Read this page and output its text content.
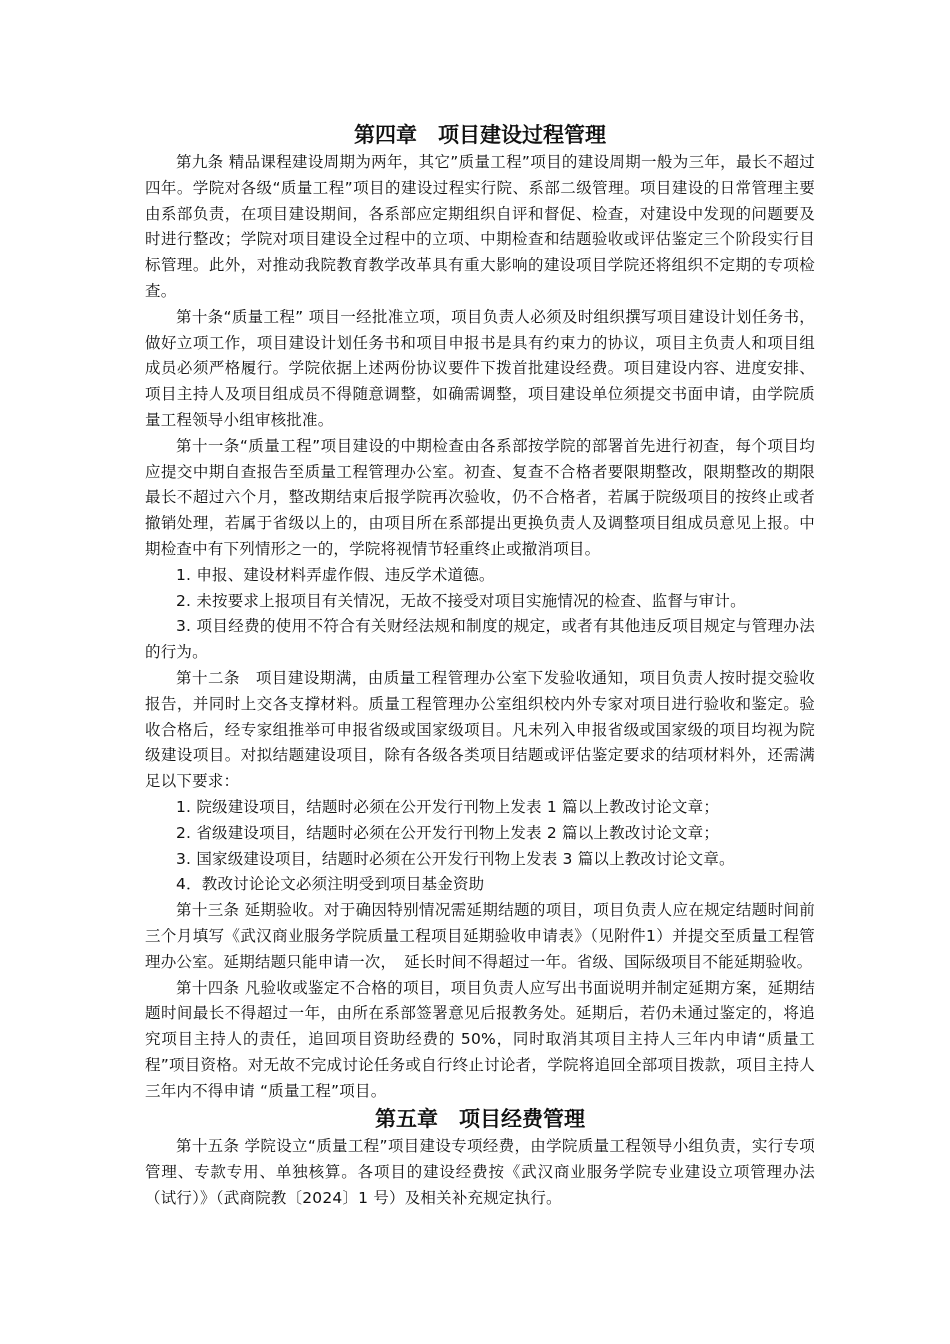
第四章　项目建设过程管理

第九条 精品课程建设周期为两年，其它”质量工程”项目的建设周期一般为三年，最长不超过四年。学院对各级“质量工程”项目的建设过程实行院、系部二级管理。项目建设的日常管理主要由系部负责，在项目建设期间，各系部应定期组织自评和督促、检查，对建设中发现的问题要及时进行整改；学院对项目建设全过程中的立项、中期检查和结题验收或评估鉴定三个阶段实行目标管理。此外，对推动我院教育教学改革具有重大影响的建设项目学院还将组织不定期的专项检查。

第十条“质量工程” 项目一经批准立项，项目负责人必须及时组织撰写项目建设计划任务书，做好立项工作，项目建设计划任务书和项目申报书是具有约束力的协议，项目主负责人和项目组成员必须严格履行。学院依据上述两份协议要件下拨首批建设经费。项目建设内容、进度安排、项目主持人及项目组成员不得随意调整，如确需调整，项目建设单位须提交书面申请，由学院质量工程领导小组审核批准。

第十一条“质量工程”项目建设的中期检查由各系部按学院的部署首先进行初查，每个项目均应提交中期自查报告至质量工程管理办公室。初查、复查不合格者要限期整改，限期整改的期限最长不超过六个月，整改期结束后报学院再次验收，仍不合格者，若属于院级项目的按终止或者撤销处理，若属于省级以上的，由项目所在系部提出更换负责人及调整项目组成员意见上报。中期检查中有下列情形之一的，学院将视情节轻重终止或撤消项目。

1. 申报、建设材料弄虚作假、违反学术道德。

2. 未按要求上报项目有关情况，无故不接受对项目实施情况的检查、监督与审计。

3. 项目经费的使用不符合有关财经法规和制度的规定，或者有其他违反项目规定与管理办法的行为。

第十二条　项目建设期满，由质量工程管理办公室下发验收通知，项目负责人按时提交验收报告，并同时上交各支撑材料。质量工程管理办公室组织校内外专家对项目进行验收和鉴定。验收合格后，经专家组推举可申报省级或国家级项目。凡未列入申报省级或国家级的项目均视为院级建设项目。对拟结题建设项目，除有各级各类项目结题或评估鉴定要求的结项材料外，还需满足以下要求：

1. 院级建设项目，结题时必须在公开发行刊物上发表 1 篇以上教改讨论文章；

2. 省级建设项目，结题时必须在公开发行刊物上发表 2 篇以上教改讨论文章；

3. 国家级建设项目，结题时必须在公开发行刊物上发表 3 篇以上教改讨论文章。

4．教改讨论论文必须注明受到项目基金资助

第十三条 延期验收。对于确因特别情况需延期结题的项目，项目负责人应在规定结题时间前三个月填写《武汉商业服务学院质量工程项目延期验收申请表》（见附件1）并提交至质量工程管理办公室。延期结题只能申请一次，　延长时间不得超过一年。省级、国际级项目不能延期验收。

第十四条 凡验收或鉴定不合格的项目，项目负责人应写出书面说明并制定延期方案，延期结题时间最长不得超过一年，由所在系部签署意见后报教务处。延期后，若仍未通过鉴定的，将追究项目主持人的责任，追回项目资助经费的 50%，同时取消其项目主持人三年内申请“质量工程”项目资格。对无故不完成讨论任务或自行终止讨论者，学院将追回全部项目拨款，项目主持人三年内不得申请 “质量工程”项目。

第五章　项目经费管理

第十五条 学院设立“质量工程”项目建设专项经费，由学院质量工程领导小组负责，实行专项管理、专款专用、单独核算。各项目的建设经费按《武汉商业服务学院专业建设立项管理办法（试行）》（武商院教〔2024〕1 号）及相关补充规定执行。
